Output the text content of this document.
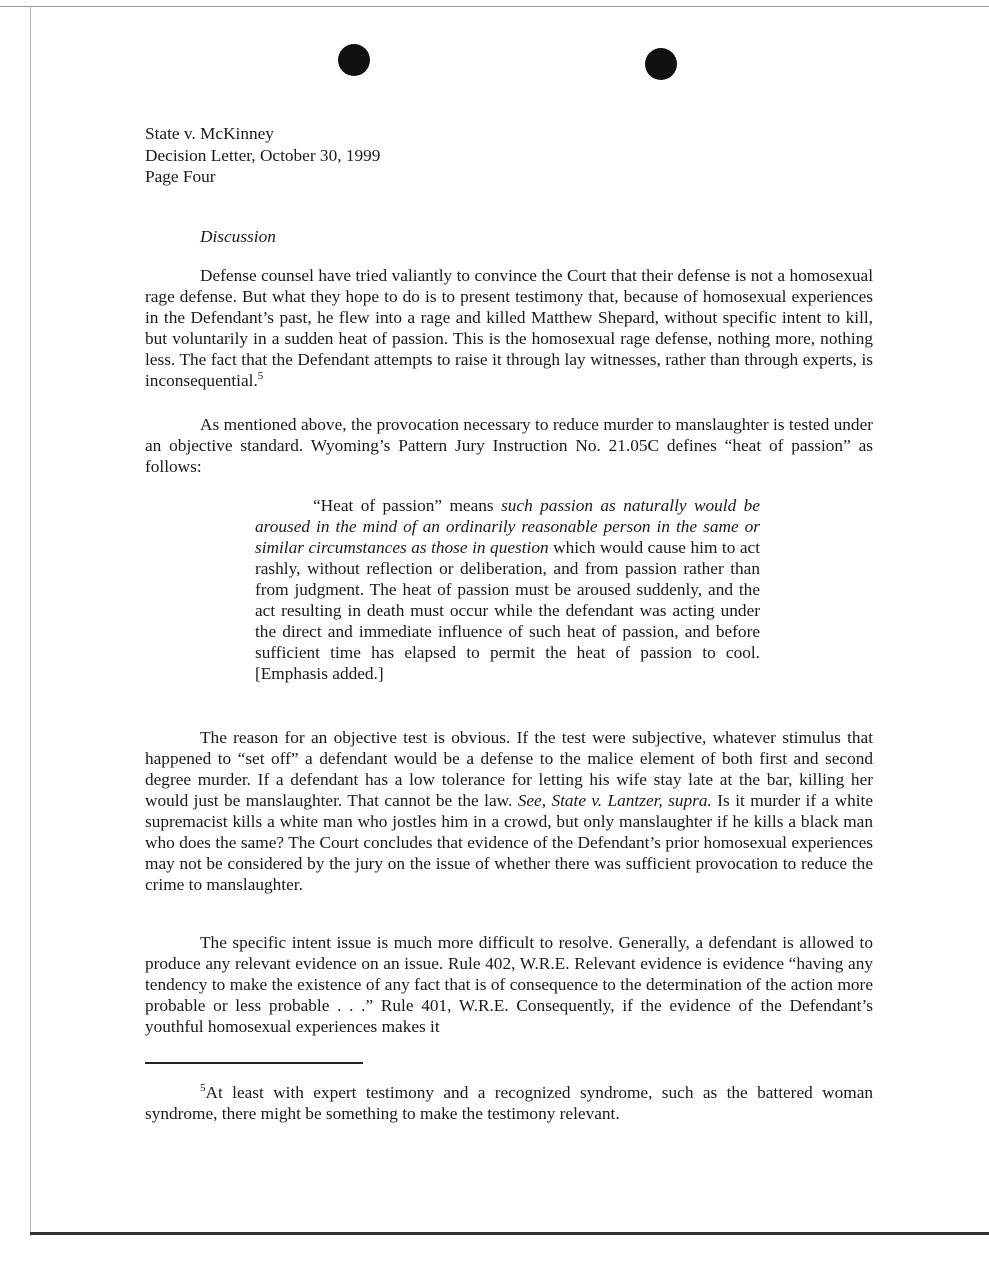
State v. McKinney
Decision Letter, October 30, 1999
Page Four
Discussion
Defense counsel have tried valiantly to convince the Court that their defense is not a homosexual rage defense. But what they hope to do is to present testimony that, because of homosexual experiences in the Defendant’s past, he flew into a rage and killed Matthew Shepard, without specific intent to kill, but voluntarily in a sudden heat of passion. This is the homosexual rage defense, nothing more, nothing less. The fact that the Defendant attempts to raise it through lay witnesses, rather than through experts, is inconsequential.$^5$
As mentioned above, the provocation necessary to reduce murder to manslaughter is tested under an objective standard. Wyoming’s Pattern Jury Instruction No. 21.05C defines “heat of passion” as follows:
“Heat of passion” means such passion as naturally would be aroused in the mind of an ordinarily reasonable person in the same or similar circumstances as those in question which would cause him to act rashly, without reflection or deliberation, and from passion rather than from judgment. The heat of passion must be aroused suddenly, and the act resulting in death must occur while the defendant was acting under the direct and immediate influence of such heat of passion, and before sufficient time has elapsed to permit the heat of passion to cool. [Emphasis added.]
The reason for an objective test is obvious. If the test were subjective, whatever stimulus that happened to “set off” a defendant would be a defense to the malice element of both first and second degree murder. If a defendant has a low tolerance for letting his wife stay late at the bar, killing her would just be manslaughter. That cannot be the law. See, State v. Lantzer, supra. Is it murder if a white supremacist kills a white man who jostles him in a crowd, but only manslaughter if he kills a black man who does the same? The Court concludes that evidence of the Defendant’s prior homosexual experiences may not be considered by the jury on the issue of whether there was sufficient provocation to reduce the crime to manslaughter.
The specific intent issue is much more difficult to resolve. Generally, a defendant is allowed to produce any relevant evidence on an issue. Rule 402, W.R.E. Relevant evidence is evidence “having any tendency to make the existence of any fact that is of consequence to the determination of the action more probable or less probable . . .” Rule 401, W.R.E. Consequently, if the evidence of the Defendant’s youthful homosexual experiences makes it
$^5$At least with expert testimony and a recognized syndrome, such as the battered woman syndrome, there might be something to make the testimony relevant.
